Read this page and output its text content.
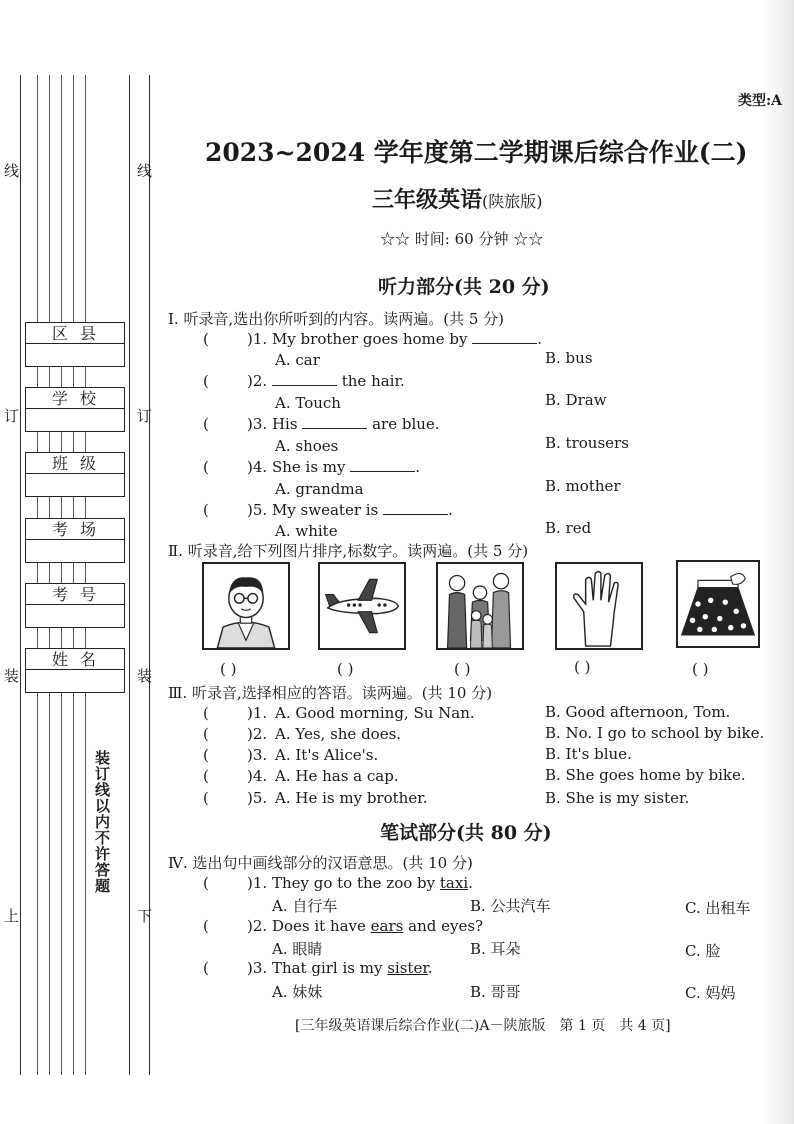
线
订
装
上
线
订
装
下
区县
学校
班级
考场
考号
姓名
装订线以内不许答题
类型:A
2023~2024 学年度第二学期课后综合作业(二)
三年级英语(陕旅版)
☆☆ 时间: 60 分钟 ☆☆
听力部分(共 20 分)
Ⅰ. 听录音,选出你所听到的内容。读两遍。(共 5 分)
(	)1. My brother goes home by	.
A. car	B. bus
(	)2.	the hair.
A. Touch	B. Draw
(	)3. His	are blue.
A. shoes	B. trousers
(	)4. She is my	.
A. grandma	B. mother
(	)5. My sweater is	.
A. white	B. red
Ⅱ. 听录音,给下列图片排序,标数字。读两遍。(共 5 分)
( )	( )	( )	( )	( )
Ⅲ. 听录音,选择相应的答语。读两遍。(共 10 分)
(	)1. A. Good morning, Su Nan.	B. Good afternoon, Tom.
(	)2. A. Yes, she does.	B. No. I go to school by bike.
(	)3. A. It's Alice's.	B. It's blue.
(	)4. A. He has a cap.	B. She goes home by bike.
(	)5. A. He is my brother.	B. She is my sister.
笔试部分(共 80 分)
Ⅳ. 选出句中画线部分的汉语意思。(共 10 分)
(	)1. They go to the zoo by taxi.
A. 自行车	B. 公共汽车	C. 出租车
(	)2. Does it have ears and eyes?
A. 眼睛	B. 耳朵	C. 脸
(	)3. That girl is my sister.
A. 妹妹	B. 哥哥	C. 妈妈
[三年级英语课后综合作业(二)A－陕旅版　第 1 页　共 4 页]
